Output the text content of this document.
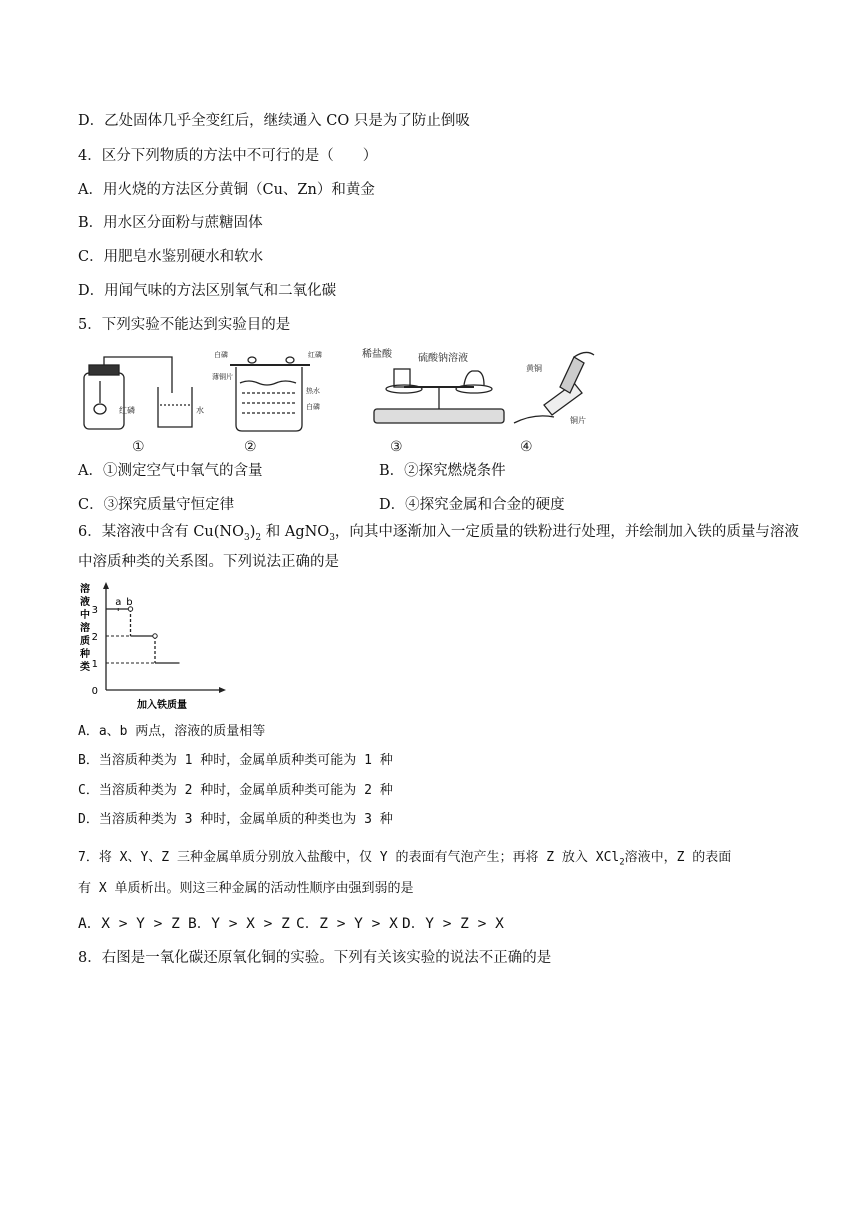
D．乙处固体几乎全变红后，继续通入 CO 只是为了防止倒吸
4．区分下列物质的方法中不可行的是（　　）
A．用火烧的方法区分黄铜（Cu、Zn）和黄金
B．用水区分面粉与蔗糖固体
C．用肥皂水鉴别硬水和软水
D．用闻气味的方法区别氧气和二氧化碳
5．下列实验不能达到实验目的是
红磷	水
①
白磷	红磷
薄铜片
热水
白磷
②
稀盐酸	硫酸钠溶液
③
黄铜
铜片
④
A．①测定空气中氧气的含量	B．②探究燃烧条件
C．③探究质量守恒定律	D．④探究金属和合金的硬度
6．某溶液中含有 $Cu(NO_3)_2$ 和 AgNO$_3$，向其中逐渐加入一定质量的铁粉进行处理，并绘制加入铁的质量与溶液
中溶质种类的关系图。下列说法正确的是
溶
液
中
溶
质
种
类
0
1
2
3
a b
加入铁质量
A．a、b 两点，溶液的质量相等
B．当溶质种类为 1 种时，金属单质种类可能为 1 种
C．当溶质种类为 2 种时，金属单质种类可能为 2 种
D．当溶质种类为 3 种时，金属单质的种类也为 3 种
7．将 X、Y、Z 三种金属单质分别放入盐酸中，仅 Y 的表面有气泡产生；再将 Z 放入 XCl$_2$溶液中，Z 的表面
有 X 单质析出。则这三种金属的活动性顺序由强到弱的是
A．X > Y > Z B．Y > X > Z C．Z > Y > X D．Y > Z > X
8．右图是一氧化碳还原氧化铜的实验。下列有关该实验的说法不正确的是
